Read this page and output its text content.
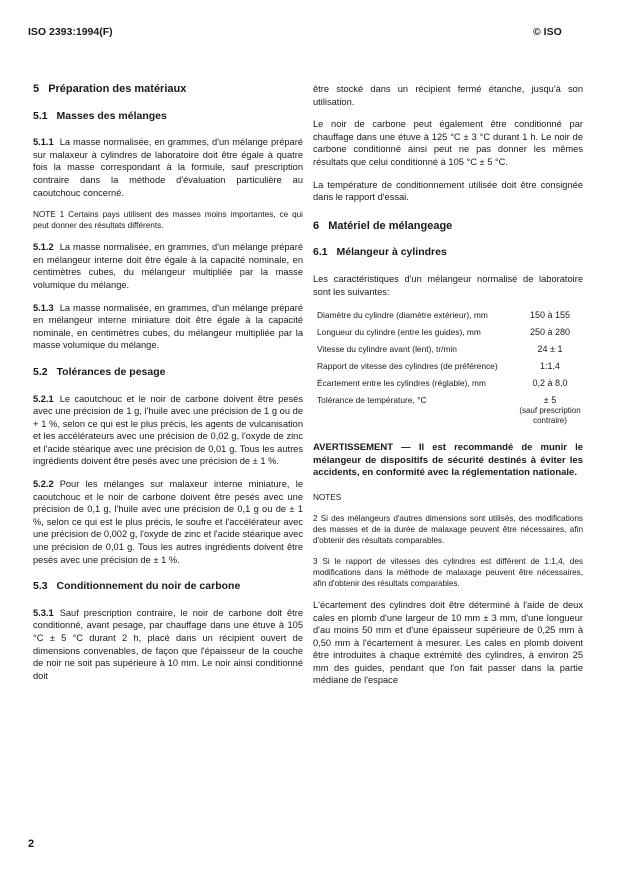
ISO 2393:1994(F)	© ISO
5 Préparation des matériaux
5.1 Masses des mélanges

5.1.1 La masse normalisée, en grammes, d'un mélange préparé sur malaxeur à cylindres de laboratoire doit être égale à quatre fois la masse correspondant à la formule, sauf prescription contraire dans la méthode d'évaluation particulière au caoutchouc concerné.

NOTE 1 Certains pays utilisent des masses moins importantes, ce qui peut donner des résultats différents.

5.1.2 La masse normalisée, en grammes, d'un mélange préparé en mélangeur interne doit être égale à la capacité nominale, en centimètres cubes, du mélangeur multipliée par la masse volumique du mélange.

5.1.3 La masse normalisée, en grammes, d'un mélange préparé en mélangeur interne miniature doit être égale à la capacité nominale, en centimètres cubes, du mélangeur multipliée par la masse volumique du mélange.

5.2 Tolérances de pesage

5.2.1 Le caoutchouc et le noir de carbone doivent être pesés avec une précision de 1 g, l'huile avec une précision de 1 g ou de + 1 %, selon ce qui est le plus précis, les agents de vulcanisation et les accélérateurs avec une précision de 0,02 g, l'oxyde de zinc et l'acide stéarique avec une précision de 0,01 g. Tous les autres ingrédients doivent être pesés avec une précision de ± 1 %.

5.2.2 Pour les mélanges sur malaxeur interne miniature, le caoutchouc et le noir de carbone doivent être pesés avec une précision de 0,1 g, l'huile avec une précision de 0,1 g ou de ± 1 %, selon ce qui est le plus précis, le soufre et l'accélérateur avec une précision de 0,002 g, l'oxyde de zinc et l'acide stéarique avec une précision de 0,01 g. Tous les autres ingrédients doivent être pesés avec une précision de ± 1 %.

5.3 Conditionnement du noir de carbone

5.3.1 Sauf prescription contraire, le noir de carbone doit être conditionné, avant pesage, par chauffage dans une étuve à 105 °C ± 5 °C durant 2 h, placé dans un récipient ouvert de dimensions convenables, de façon que l'épaisseur de la couche de noir ne soit pas supérieure à 10 mm. Le noir ainsi conditionné doit

être stocké dans un récipient fermé étanche, jusqu'à son utilisation.

Le noir de carbone peut également être conditionné par chauffage dans une étuve à 125 °C ± 3 °C durant 1 h. Le noir de carbone conditionné ainsi peut ne pas donner les mêmes résultats que celui conditionné à 105 °C ± 5 °C.

La température de conditionnement utilisée doit être consignée dans le rapport d'essai.

6 Matériel de mélangeage
6.1 Mélangeur à cylindres

Les caractéristiques d'un mélangeur normalisé de laboratoire sont les suivantes:

Diamètre du cylindre (diamètre extérieur), mm	150 à 155
Longueur du cylindre (entre les guides), mm	250 à 280
Vitesse du cylindre avant (lent), tr/min	24 ± 1
Rapport de vitesse des cylindres (de préférence)	1:1,4
Écartement entre les cylindres (réglable), mm	0,2 à 8,0
Tolérance de température, °C	± 5
(sauf prescription contraire)

AVERTISSEMENT — Il est recommandé de munir le mélangeur de dispositifs de sécurité destinés à éviter les accidents, en conformité avec la réglementation nationale.

NOTES

2 Si des mélangeurs d'autres dimensions sont utilisés, des modifications des masses et de la durée de malaxage peuvent être nécessaires, afin d'obtenir des résultats comparables.

3 Si le rapport de vitesses des cylindres est différent de 1:1,4, des modifications dans la méthode de malaxage peuvent être nécessaires, afin d'obtenir des résultats comparables.

L'écartement des cylindres doit être déterminé à l'aide de deux cales en plomb d'une largeur de 10 mm ± 3 mm, d'une longueur d'au moins 50 mm et d'une épaisseur supérieure de 0,25 mm à 0,50 mm à l'écartement à mesurer. Les cales en plomb doivent être introduites à chaque extrémité des cylindres, à environ 25 mm des guides, pendant que l'on fait passer dans la partie médiane de l'espace

2
